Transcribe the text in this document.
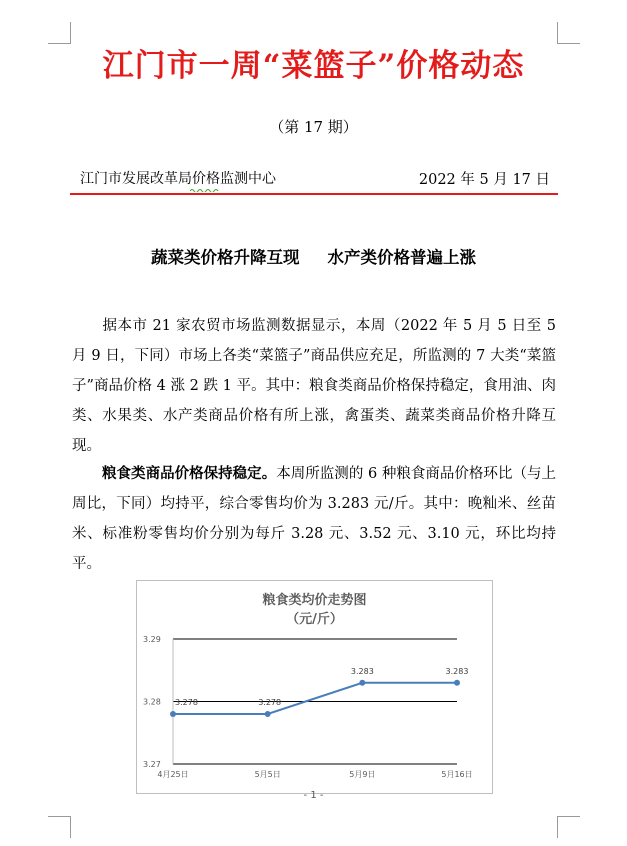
江门市一周“菜篮子”价格动态
（第 17 期）
江门市发展改革局价格监测中心	2022 年 5 月 17 日
蔬菜类价格升降互现 水产类价格普遍上涨
据本市 21 家农贸市场监测数据显示，本周（2022 年 5 月 5 日至 5 月 9 日，下同）市场上各类“菜篮子”商品供应充足，所监测的 7 大类“菜篮子”商品价格 4 涨 2 跌 1 平。其中：粮食类商品价格保持稳定，食用油、肉类、水果类、水产类商品价格有所上涨，禽蛋类、蔬菜类商品价格升降互现。
粮食类商品价格保持稳定。本周所监测的 6 种粮食商品价格环比（与上周比，下同）均持平，综合零售均价为 3.283 元/斤。其中：晚籼米、丝苗米、标准粉零售均价分别为每斤 3.28 元、3.52 元、3.10 元，环比均持平。
粮食类均价走势图
（元/斤）
3.27
3.28
3.29
4月25日	5月5日	5月9日	5月16日
3.278	3.278
3.283	3.283
- 1 -
